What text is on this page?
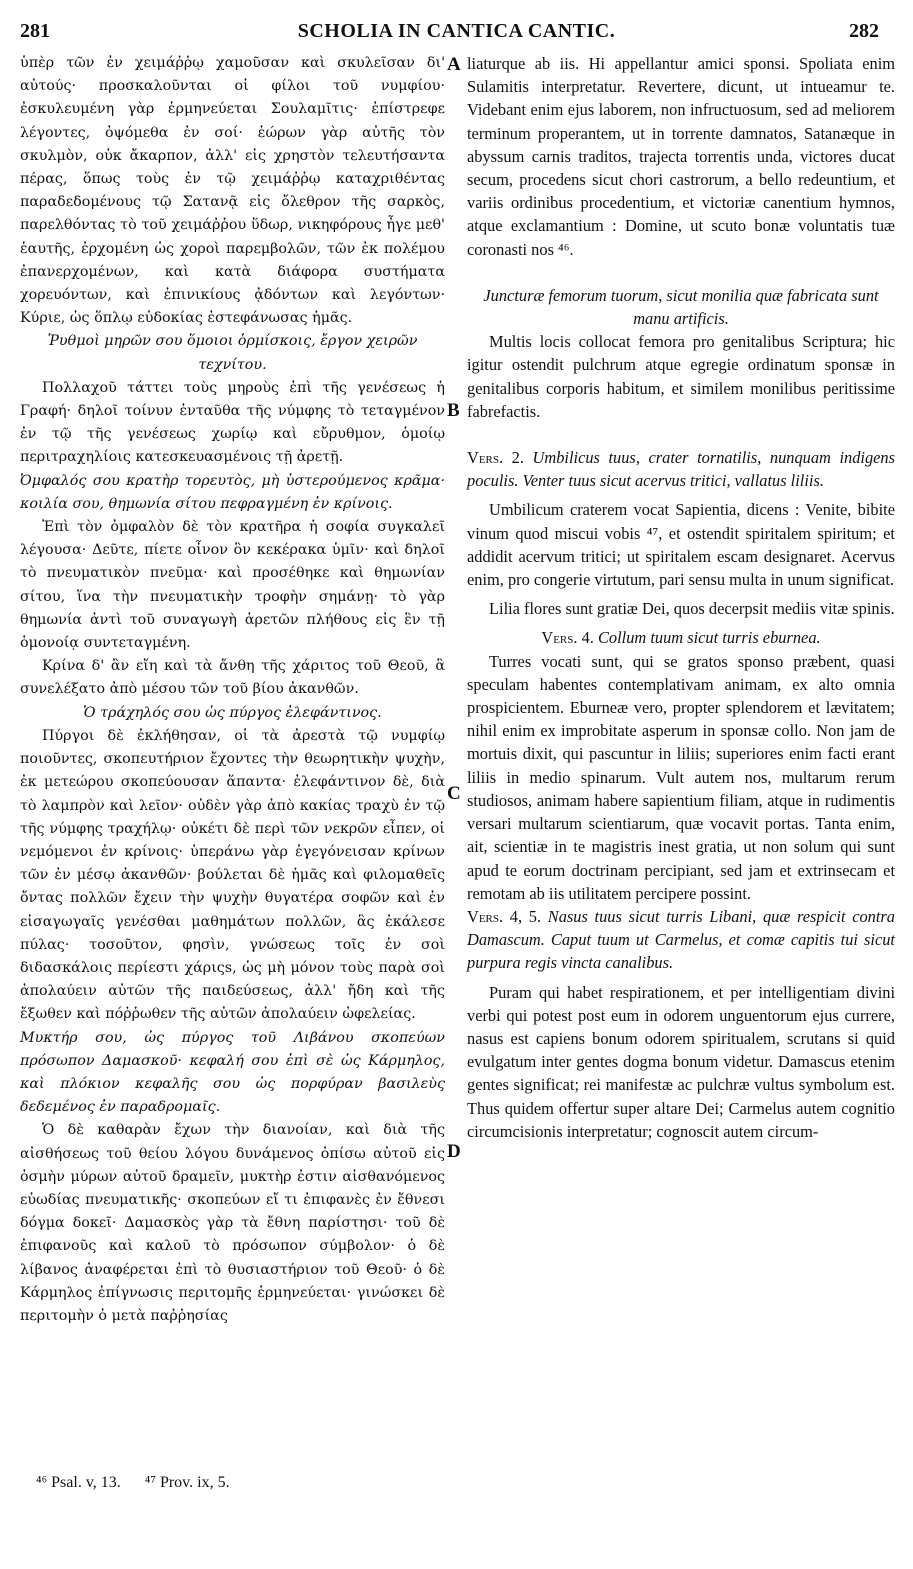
281	SCHOLIA IN CANTICA CANTIC.	282
A
B
C
D

ὑπὲρ τῶν ἐν χειμάῤῥῳ χαμοῦσαν καὶ σκυλεῖσαν δι' αὐτούς· προσκαλοῦνται οἱ φίλοι τοῦ νυμφίου· ἐσκυλευμένη γὰρ ἑρμηνεύεται Σουλαμῖτις· ἐπίστρεφε λέγοντες, ὀψόμεθα ἐν σοί· ἑώρων γὰρ αὐτῆς τὸν σκυλμὸν, οὐκ ἄκαρπον, ἀλλ' εἰς χρηστὸν τελευτήσαντα πέρας, ὅπως τοὺς ἐν τῷ χειμάῤῥῳ καταχριθέντας παραδεδομένους τῷ Σατανᾷ εἰς ὄλεθρον τῆς σαρκὸς, παρελθόντας τὸ τοῦ χειμάῤῥου ὕδωρ, νικηφόρους ἦγε μεθ' ἑαυτῆς, ἐρχομένη ὡς χοροὶ παρεμβολῶν, τῶν ἐκ πολέμου ἐπανερχομένων, καὶ κατὰ διάφορα συστήματα χορευόντων, καὶ ἐπινικίους ᾀδόντων καὶ λεγόντων· Κύριε, ὡς ὅπλῳ εὐδοκίας ἐστεφάνωσας ἡμᾶς.

Ῥυθμοὶ μηρῶν σου ὅμοιοι ὁρμίσκοις, ἔργον χειρῶν τεχνίτου.

Πολλαχοῦ τάττει τοὺς μηροὺς ἐπὶ τῆς γενέσεως ἡ Γραφή· δηλοῖ τοίνυν ἐνταῦθα τῆς νύμφης τὸ τεταγμένον ἐν τῷ τῆς γενέσεως χωρίῳ καὶ εὔρυθμον, ὁμοίῳ περιτραχηλίοις κατεσκευασμένοις τῇ ἀρετῇ.

Ὀμφαλός σου κρατὴρ τορευτὸς, μὴ ὑστερούμενος κρᾶμα· κοιλία σου, θημωνία σίτου πεφραγμένη ἐν κρίνοις.

Ἐπὶ τὸν ὀμφαλὸν δὲ τὸν κρατῆρα ἡ σοφία συγκαλεῖ λέγουσα· Δεῦτε, πίετε οἶνον ὃν κεκέρακα ὑμῖν· καὶ δηλοῖ τὸ πνευματικὸν πνεῦμα· καὶ προσέθηκε καὶ θημωνίαν σίτου, ἵνα τὴν πνευματικὴν τροφὴν σημάνῃ· τὸ γὰρ θημωνία ἀντὶ τοῦ συναγωγὴ ἀρετῶν πλήθους εἰς ἓν τῇ ὁμονοίᾳ συντεταγμένη.

Κρίνα δ' ἂν εἴη καὶ τὰ ἄνθη τῆς χάριτος τοῦ Θεοῦ, ἃ συνελέξατο ἀπὸ μέσου τῶν τοῦ βίου ἀκανθῶν.

Ὁ τράχηλός σου ὡς πύργος ἐλεφάντινος.

Πύργοι δὲ ἐκλήθησαν, οἱ τὰ ἀρεστὰ τῷ νυμφίῳ ποιοῦντες, σκοπευτήριον ἔχοντες τὴν θεωρητικὴν ψυχὴν, ἐκ μετεώρου σκοπεύουσαν ἅπαντα· ἐλεφάντινον δὲ, διὰ τὸ λαμπρὸν καὶ λεῖον· οὐδὲν γὰρ ἀπὸ κακίας τραχὺ ἐν τῷ τῆς νύμφης τραχήλῳ· οὐκέτι δὲ περὶ τῶν νεκρῶν εἶπεν, οἱ νεμόμενοι ἐν κρίνοις· ὑπεράνω γὰρ ἐγεγόνεισαν κρίνων τῶν ἐν μέσῳ ἀκανθῶν· βούλεται δὲ ἡμᾶς καὶ φιλομαθεῖς ὄντας πολλῶν ἔχειν τὴν ψυχὴν θυγατέρα σοφῶν καὶ ἐν εἰσαγωγαῖς γενέσθαι μαθημάτων πολλῶν, ἃς ἐκάλεσε πύλας· τοσοῦτον, φησὶν, γνώσεως τοῖς ἐν σοὶ διδασκάλοις περίεστι χάριςs, ὡς μὴ μόνον τοὺς παρὰ σοὶ ἀπολαύειν αὐτῶν τῆς παιδεύσεως, ἀλλ' ἤδη καὶ τῆς ἔξωθεν καὶ πόῤῥωθεν τῆς αὐτῶν ἀπολαύειν ὠφελείας.

Μυκτήρ σου, ὡς πύργος τοῦ Λιβάνου σκοπεύων πρόσωπον Δαμασκοῦ· κεφαλή σου ἐπὶ σὲ ὡς Κάρμηλος, καὶ πλόκιον κεφαλῆς σου ὡς πορφύραν βασιλεὺς δεδεμένος ἐν παραδρομαῖς.

Ὁ δὲ καθαρὰν ἔχων τὴν διανοίαν, καὶ διὰ τῆς αἰσθήσεως τοῦ θείου λόγου δυνάμενος ὀπίσω αὐτοῦ εἰς ὀσμὴν μύρων αὐτοῦ δραμεῖν, μυκτὴρ ἐστιν αἰσθανόμενος εὐωδίας πνευματικῆς· σκοπεύων εἴ τι ἐπιφανὲς ἐν ἔθνεσι δόγμα δοκεῖ· Δαμασκὸς γὰρ τὰ ἔθνη παρίστησι· τοῦ δὲ ἐπιφανοῦς καὶ καλοῦ τὸ πρόσωπον σύμβολον· ὁ δὲ λίβανος ἀναφέρεται ἐπὶ τὸ θυσιαστήριον τοῦ Θεοῦ· ὁ δὲ Κάρμηλος ἐπίγνωσις περιτομῆς ἑρμηνεύεται· γινώσκει δὲ περιτομὴν ὁ μετὰ παῤῥησίας

liaturque ab iis. Hi appellantur amici sponsi. Spoliata enim Sulamitis interpretatur. Revertere, dicunt, ut intueamur te. Videbant enim ejus laborem, non infructuosum, sed ad meliorem terminum properantem, ut in torrente damnatos, Satanæque in abyssum carnis traditos, trajecta torrentis unda, victores ducat secum, procedens sicut chori castrorum, a bello redeuntium, et variis ordinibus procedentium, et victoriæ canentium hymnos, atque exclamantium : Domine, ut scuto bonæ voluntatis tuæ coronasti nos ⁴⁶.

Juncturæ femorum tuorum, sicut monilia quæ fabricata sunt manu artificis.

Multis locis collocat femora pro genitalibus Scriptura; hic igitur ostendit pulchrum atque egregie ordinatum sponsæ in genitalibus corporis habitum, et similem monilibus peritissime fabrefactis.

Vers. 2. Umbilicus tuus, crater tornatilis, nunquam indigens poculis. Venter tuus sicut acervus tritici, vallatus liliis.

Umbilicum craterem vocat Sapientia, dicens : Venite, bibite vinum quod miscui vobis ⁴⁷, et ostendit spiritalem spiritum; et addidit acervum tritici; ut spiritalem escam designaret. Acervus enim, pro congerie virtutum, pari sensu multa in unum significat.

Lilia flores sunt gratiæ Dei, quos decerpsit mediis vitæ spinis.

Vers. 4. Collum tuum sicut turris eburnea.

Turres vocati sunt, qui se gratos sponso præbent, quasi speculam habentes contemplativam animam, ex alto omnia prospicientem. Eburneæ vero, propter splendorem et lævitatem; nihil enim ex improbitate asperum in sponsæ collo. Non jam de mortuis dixit, qui pascuntur in liliis; superiores enim facti erant liliis in medio spinarum. Vult autem nos, multarum rerum studiosos, animam habere sapientium filiam, atque in rudimentis versari multarum scientiarum, quæ vocavit portas. Tanta enim, ait, scientiæ in te magistris inest gratia, ut non solum qui sunt apud te eorum doctrinam percipiant, sed jam et extrinsecam et remotam ab iis utilitatem percipere possint.

Vers. 4, 5. Nasus tuus sicut turris Libani, quæ respicit contra Damascum. Caput tuum ut Carmelus, et comæ capitis tui sicut purpura regis vincta canalibus.

Puram qui habet respirationem, et per intelligentiam divini verbi qui potest post eum in odorem unguentorum ejus currere, nasus est capiens bonum odorem spiritualem, scrutans si quid evulgatum inter gentes dogma bonum videtur. Damascus etenim gentes significat; rei manifestæ ac pulchræ vultus symbolum est. Thus quidem offertur super altare Dei; Carmelus autem cognitio circumcisionis interpretatur; cognoscit autem circum-

⁴⁶ Psal. v, 13. ⁴⁷ Prov. ix, 5.
